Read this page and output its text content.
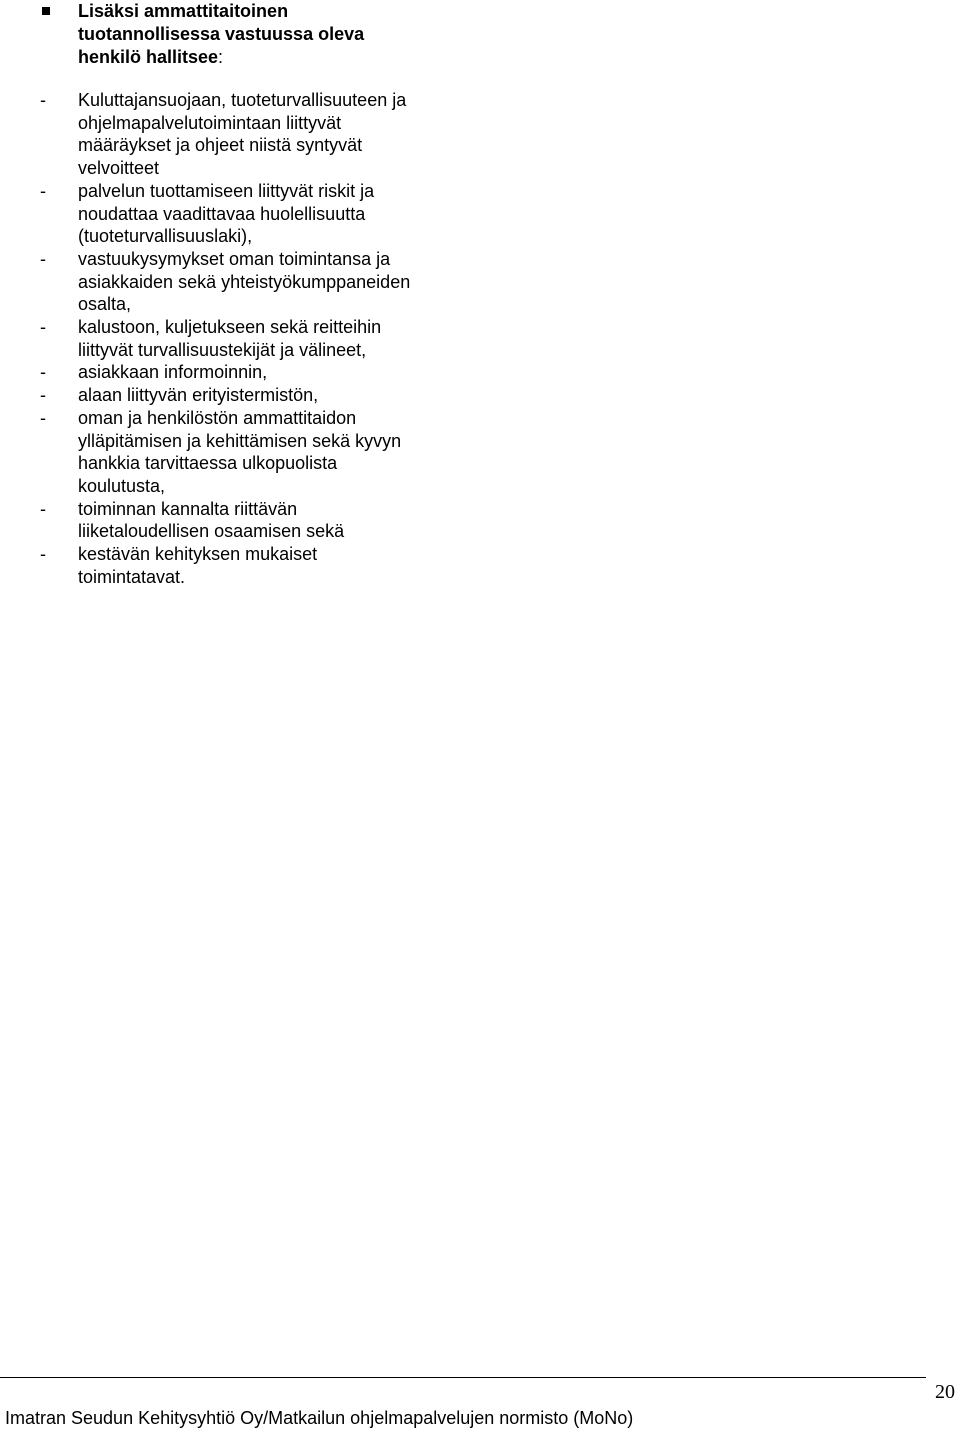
Lisäksi ammattitaitoinen
tuotannollisessa vastuussa oleva
henkilö hallitsee:
- Kuluttajansuojaan, tuoteturvallisuuteen ja
ohjelmapalvelutoimintaan liittyvät
määräykset ja ohjeet niistä syntyvät
velvoitteet
- palvelun tuottamiseen liittyvät riskit ja
noudattaa vaadittavaa huolellisuutta
(tuoteturvallisuuslaki),
- vastuukysymykset oman toimintansa ja
asiakkaiden sekä yhteistyökumppaneiden
osalta,
- kalustoon, kuljetukseen sekä reitteihin
liittyvät turvallisuustekijät ja välineet,
- asiakkaan informoinnin,
- alaan liittyvän erityistermistön,
- oman ja henkilöstön ammattitaidon
ylläpitämisen ja kehittämisen sekä kyvyn
hankkia tarvittaessa ulkopuolista
koulutusta,
- toiminnan kannalta riittävän
liiketaloudellisen osaamisen sekä
- kestävän kehityksen mukaiset
toimintatavat.
20
Imatran Seudun Kehitysyhtiö Oy/Matkailun ohjelmapalvelujen normisto (MoNo)
